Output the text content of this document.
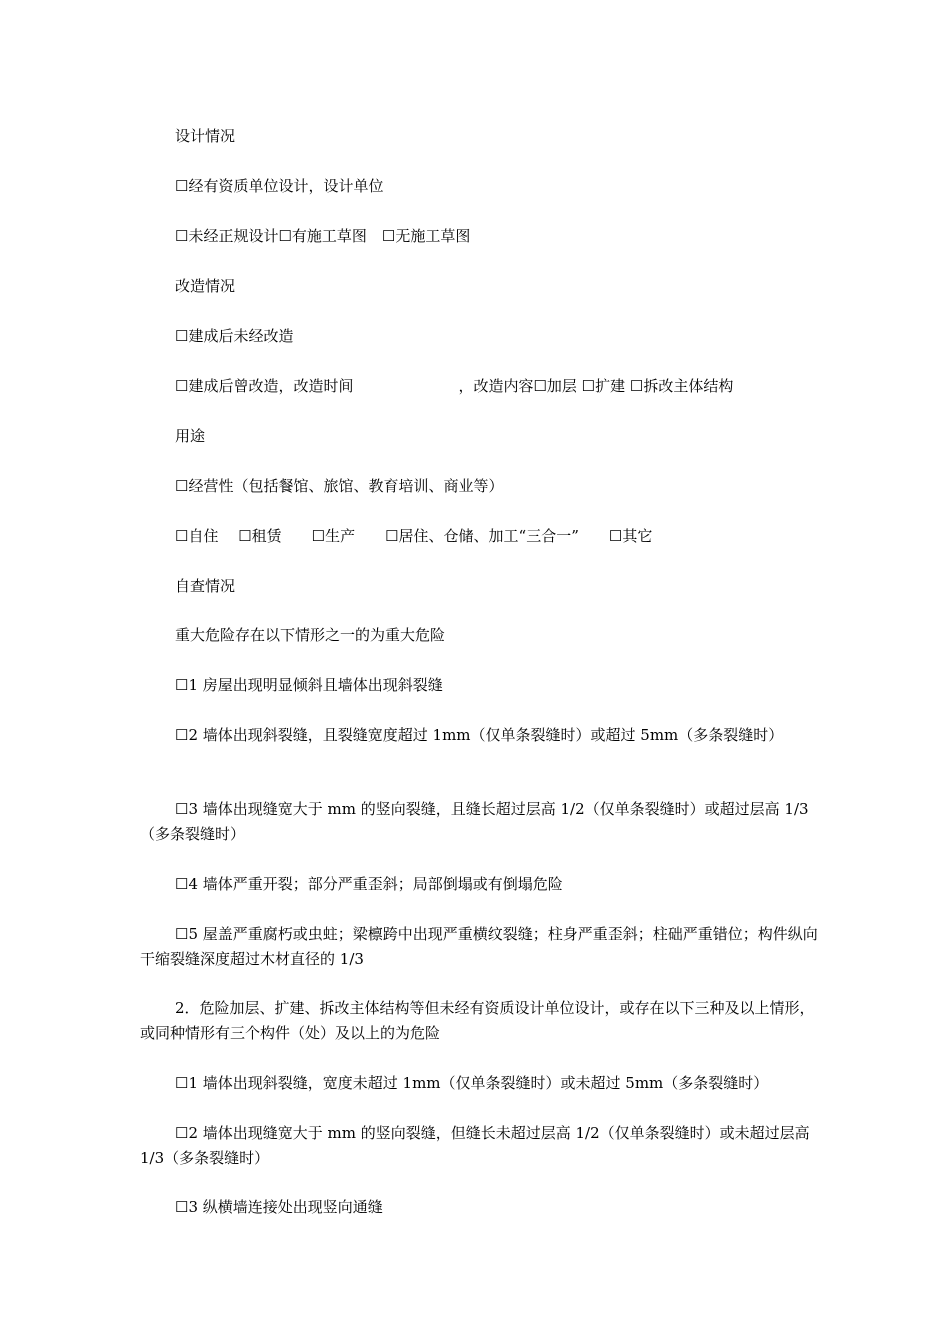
设计情况

☐经有资质单位设计，设计单位

☐未经正规设计☐有施工草图　☐无施工草图

改造情况

☐建成后未经改造

☐建成后曾改造，改造时间　　　　　　　，改造内容☐加层 ☐扩建 ☐拆改主体结构

用途

☐经营性（包括餐馆、旅馆、教育培训、商业等）

☐自住　 ☐租赁　　☐生产　　☐居住、仓储、加工“三合一”　　☐其它

自查情况

重大危险存在以下情形之一的为重大危险

☐1 房屋出现明显倾斜且墙体出现斜裂缝

☐2 墙体出现斜裂缝，且裂缝宽度超过 1mm（仅单条裂缝时）或超过 5mm（多条裂缝时）

☐3 墙体出现缝宽大于 mm 的竖向裂缝，且缝长超过层高 1/2（仅单条裂缝时）或超过层高 1/3（多条裂缝时）

☐4 墙体严重开裂；部分严重歪斜；局部倒塌或有倒塌危险

☐5 屋盖严重腐朽或虫蛀；梁檩跨中出现严重横纹裂缝；柱身严重歪斜；柱础严重错位；构件纵向干缩裂缝深度超过木材直径的 1/3

2．危险加层、扩建、拆改主体结构等但未经有资质设计单位设计，或存在以下三种及以上情形，或同种情形有三个构件（处）及以上的为危险

☐1 墙体出现斜裂缝，宽度未超过 1mm（仅单条裂缝时）或未超过 5mm（多条裂缝时）

☐2 墙体出现缝宽大于 mm 的竖向裂缝，但缝长未超过层高 1/2（仅单条裂缝时）或未超过层高 1/3（多条裂缝时）

☐3 纵横墙连接处出现竖向通缝
